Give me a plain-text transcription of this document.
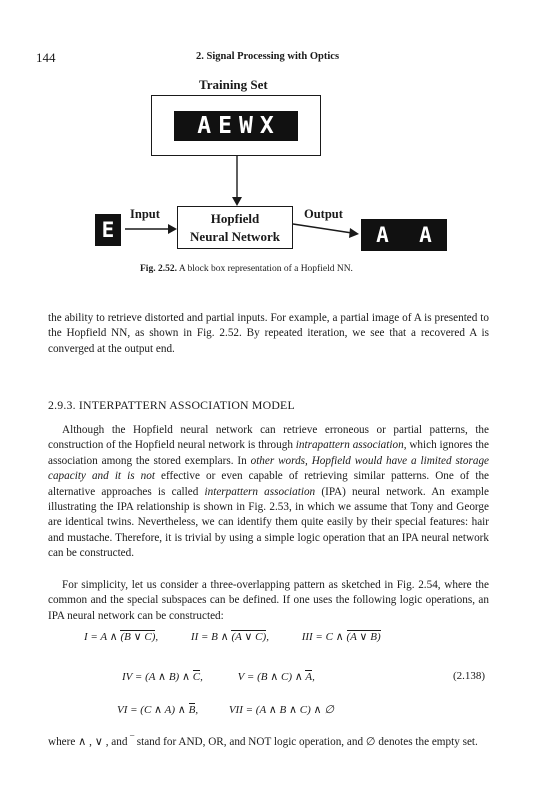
144	2. Signal Processing with Optics
Training Set
AEWX
E
Input	Hopfield
Neural Network
Output
A A
Fig. 2.52. A block box representation of a Hopfield NN.

the ability to retrieve distorted and partial inputs. For example, a partial image of A is presented to the Hopfield NN, as shown in Fig. 2.52. By repeated iteration, we see that a recovered A is converged at the output end.

2.9.3. INTERPATTERN ASSOCIATION MODEL

Although the Hopfield neural network can retrieve erroneous or partial patterns, the construction of the Hopfield neural network is through intrapattern association, which ignores the association among the stored exemplars. In other words, Hopfield would have a limited storage capacity and it is not effective or even capable of retrieving similar patterns. One of the alternative approaches is called interpattern association (IPA) neural network. An example illustrating the IPA relationship is shown in Fig. 2.53, in which we assume that Tony and George are identical twins. Nevertheless, we can identify them quite easily by their special features: hair and mustache. Therefore, it is trivial by using a simple logic operation that an IPA neural network can be constructed.

For simplicity, let us consider a three-overlapping pattern as sketched in Fig. 2.54, where the common and the special subspaces can be defined. If one uses the following logic operations, an IPA neural network can be constructed:

I = A ∧ (B ∨ C),	II = B ∧ (A ∨ C),	III = C ∧ (A ∨ B)
IV = (A ∧ B) ∧ C,	V = (B ∧ C) ∧ A,	(2.138)
VI = (C ∧ A) ∧ B,	VII = (A ∧ B ∧ C) ∧ ∅

where ∧ , ∨ , and ‾ stand for AND, OR, and NOT logic operation, and ∅ denotes the empty set.
